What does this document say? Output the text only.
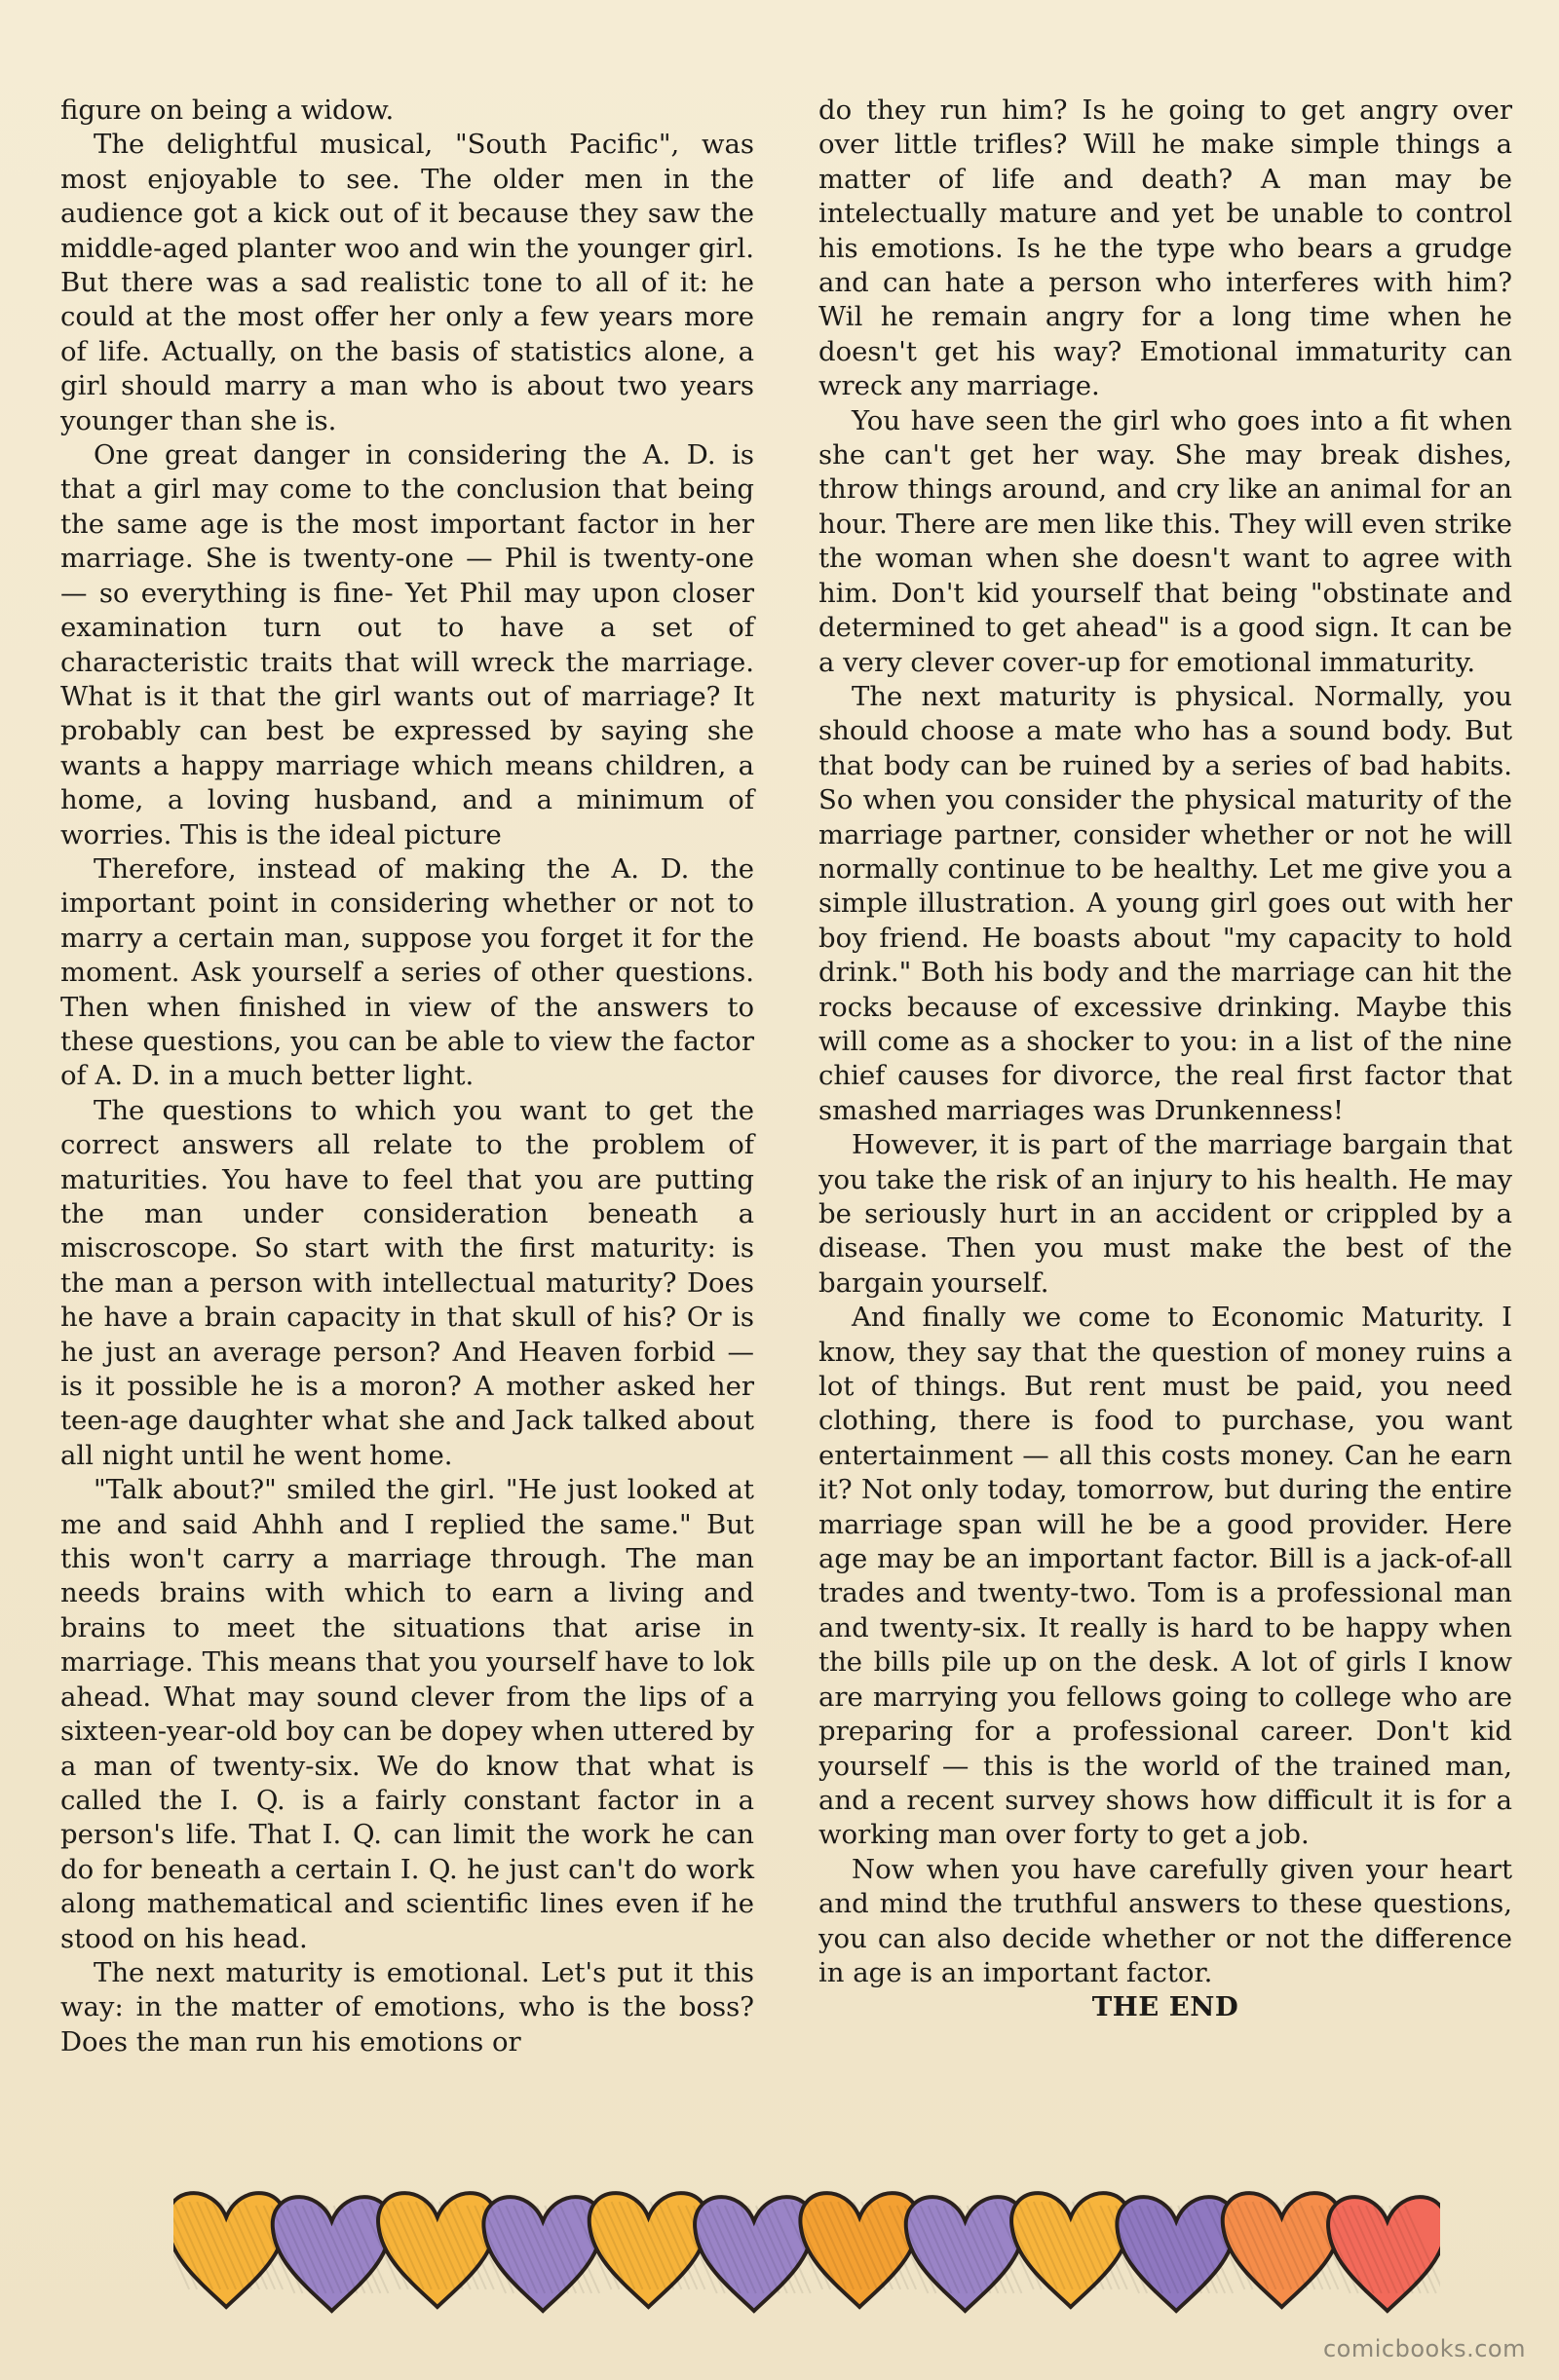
figure on being a widow.

The delightful musical, "South Pacific", was most enjoyable to see. The older men in the audience got a kick out of it because they saw the middle-aged planter woo and win the younger girl. But there was a sad realistic tone to all of it: he could at the most offer her only a few years more of life. Actually, on the basis of statistics alone, a girl should marry a man who is about two years younger than she is.

One great danger in considering the A. D. is that a girl may come to the conclusion that being the same age is the most important factor in her marriage. She is twenty-one — Phil is twenty-one — so everything is fine- Yet Phil may upon closer examination turn out to have a set of characteristic traits that will wreck the marriage. What is it that the girl wants out of marriage? It probably can best be expressed by saying she wants a happy marriage which means children, a home, a loving husband, and a minimum of worries. This is the ideal picture

Therefore, instead of making the A. D. the important point in considering whether or not to marry a certain man, suppose you forget it for the moment. Ask yourself a series of other questions. Then when finished in view of the answers to these questions, you can be able to view the factor of A. D. in a much better light.

The questions to which you want to get the correct answers all relate to the problem of maturities. You have to feel that you are putting the man under consideration beneath a miscroscope. So start with the first maturity: is the man a person with intellectual maturity? Does he have a brain capacity in that skull of his? Or is he just an average person? And Heaven forbid — is it possible he is a moron? A mother asked her teen-age daughter what she and Jack talked about all night until he went home.

"Talk about?" smiled the girl. "He just looked at me and said Ahhh and I replied the same." But this won't carry a marriage through. The man needs brains with which to earn a living and brains to meet the situations that arise in marriage. This means that you yourself have to lok ahead. What may sound clever from the lips of a sixteen-year-old boy can be dopey when uttered by a man of twenty-six. We do know that what is called the I. Q. is a fairly constant factor in a person's life. That I. Q. can limit the work he can do for beneath a certain I. Q. he just can't do work along mathematical and scientific lines even if he stood on his head.

The next maturity is emotional. Let's put it this way: in the matter of emotions, who is the boss? Does the man run his emotions or

do they run him? Is he going to get angry over over little trifles? Will he make simple things a matter of life and death? A man may be intelectually mature and yet be unable to control his emotions. Is he the type who bears a grudge and can hate a person who interferes with him? Wil he remain angry for a long time when he doesn't get his way? Emotional immaturity can wreck any marriage.

You have seen the girl who goes into a fit when she can't get her way. She may break dishes, throw things around, and cry like an animal for an hour. There are men like this. They will even strike the woman when she doesn't want to agree with him. Don't kid yourself that being "obstinate and determined to get ahead" is a good sign. It can be a very clever cover-up for emotional immaturity.

The next maturity is physical. Normally, you should choose a mate who has a sound body. But that body can be ruined by a series of bad habits. So when you consider the physical maturity of the marriage partner, consider whether or not he will normally continue to be healthy. Let me give you a simple illustration. A young girl goes out with her boy friend. He boasts about "my capacity to hold drink." Both his body and the marriage can hit the rocks because of excessive drinking. Maybe this will come as a shocker to you: in a list of the nine chief causes for divorce, the real first factor that smashed marriages was Drunkenness!

However, it is part of the marriage bargain that you take the risk of an injury to his health. He may be seriously hurt in an accident or crippled by a disease. Then you must make the best of the bargain yourself.

And finally we come to Economic Maturity. I know, they say that the question of money ruins a lot of things. But rent must be paid, you need clothing, there is food to purchase, you want entertainment — all this costs money. Can he earn it? Not only today, tomorrow, but during the entire marriage span will he be a good provider. Here age may be an important factor. Bill is a jack-of-all trades and twenty-two. Tom is a professional man and twenty-six. It really is hard to be happy when the bills pile up on the desk. A lot of girls I know are marrying you fellows going to college who are preparing for a professional career. Don't kid yourself — this is the world of the trained man, and a recent survey shows how difficult it is for a working man over forty to get a job.

Now when you have carefully given your heart and mind the truthful answers to these questions, you can also decide whether or not the difference in age is an important factor.

THE END

comicbooks.com
